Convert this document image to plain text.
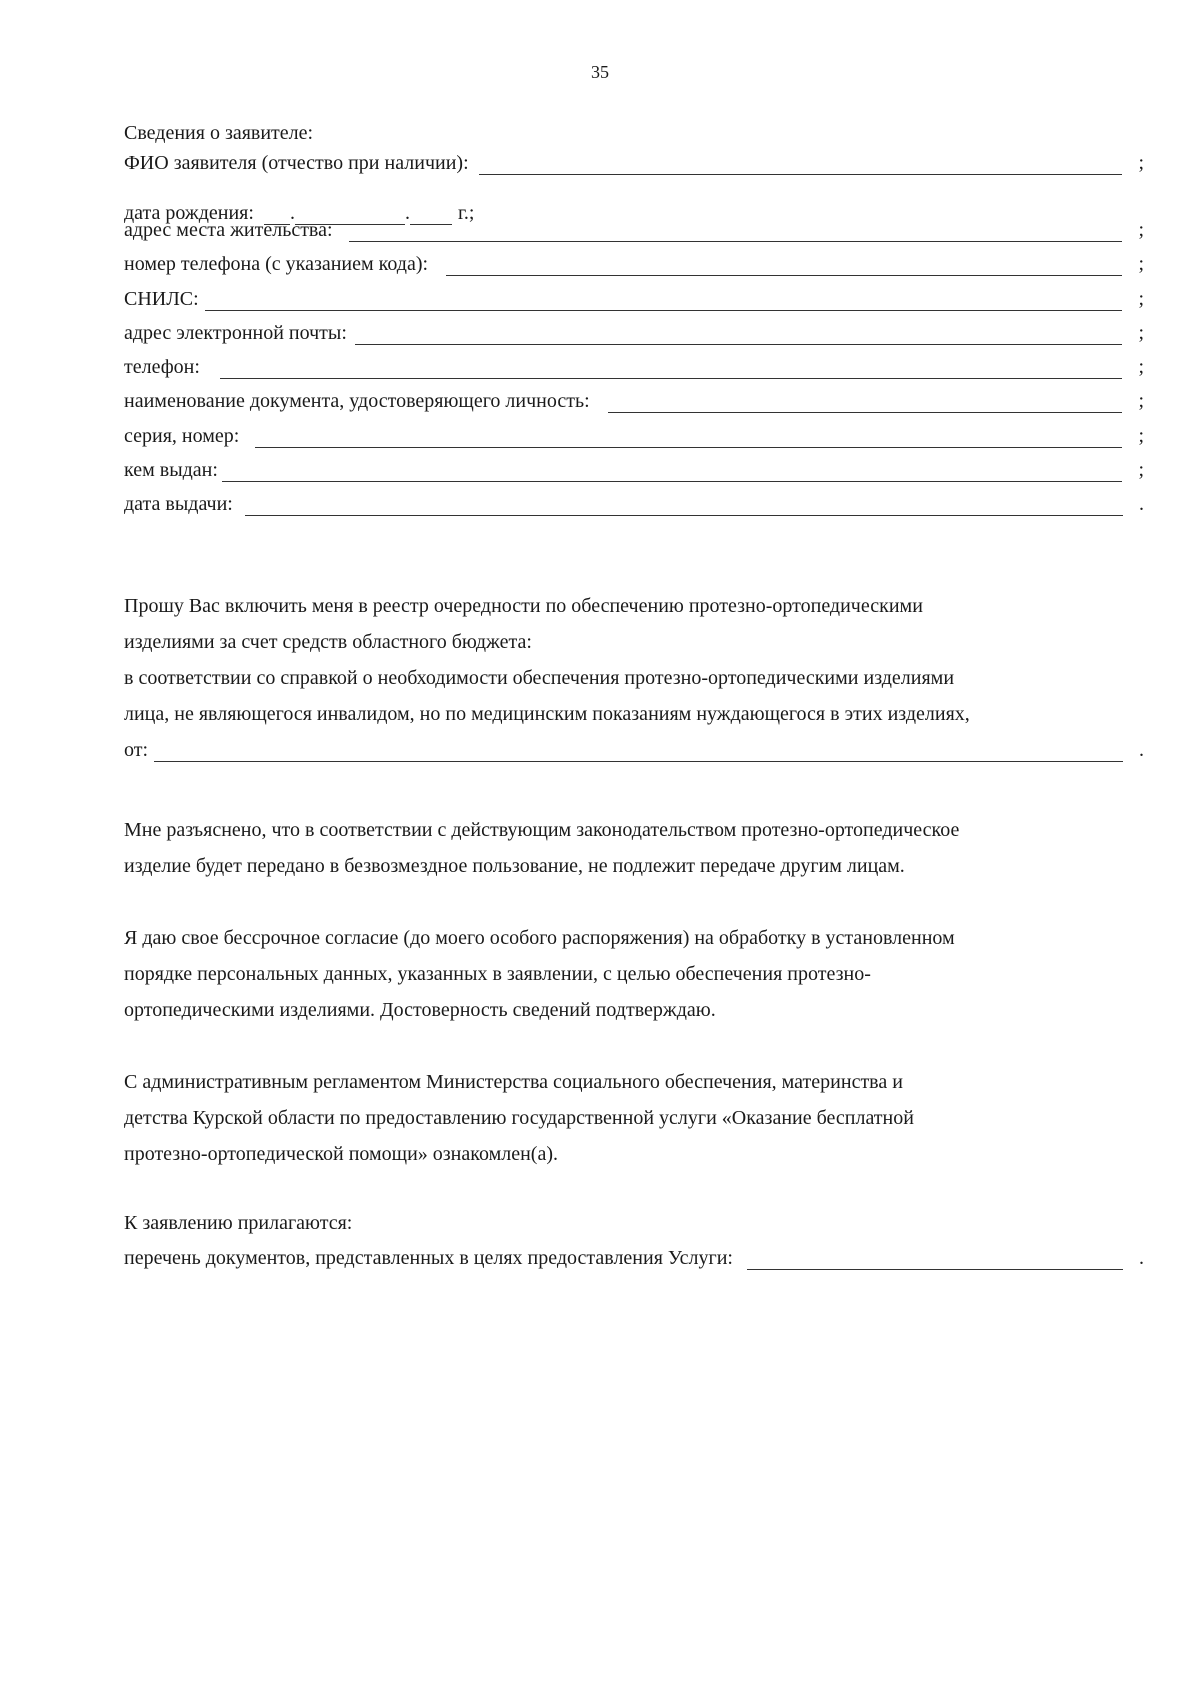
35
Сведения о заявителе:
ФИО заявителя (отчество при наличии):	;
дата рождения: .	. г.;
адрес места жительства:	;
номер телефона (с указанием кода):	;
СНИЛС:	;
адрес электронной почты:	;
телефон:	;
наименование документа, удостоверяющего личность:	;
серия, номер:	;
кем выдан:	;
дата выдачи:	.
Прошу Вас включить меня в реестр очередности по обеспечению протезно-ортопедическими
изделиями за счет средств областного бюджета:
в соответствии со справкой о необходимости обеспечения протезно-ортопедическими изделиями
лица, не являющегося инвалидом, но по медицинским показаниям нуждающегося в этих изделиях,
от:	.
Мне разъяснено, что в соответствии с действующим законодательством протезно-ортопедическое
изделие будет передано в безвозмездное пользование, не подлежит передаче другим лицам.
Я даю свое бессрочное согласие (до моего особого распоряжения) на обработку в установленном
порядке персональных данных, указанных в заявлении, с целью обеспечения протезно-
ортопедическими изделиями. Достоверность сведений подтверждаю.
С административным регламентом Министерства социального обеспечения, материнства и
детства Курской области по предоставлению государственной услуги «Оказание бесплатной
протезно-ортопедической помощи» ознакомлен(а).
К заявлению прилагаются:
перечень документов, представленных в целях предоставления Услуги:	.
